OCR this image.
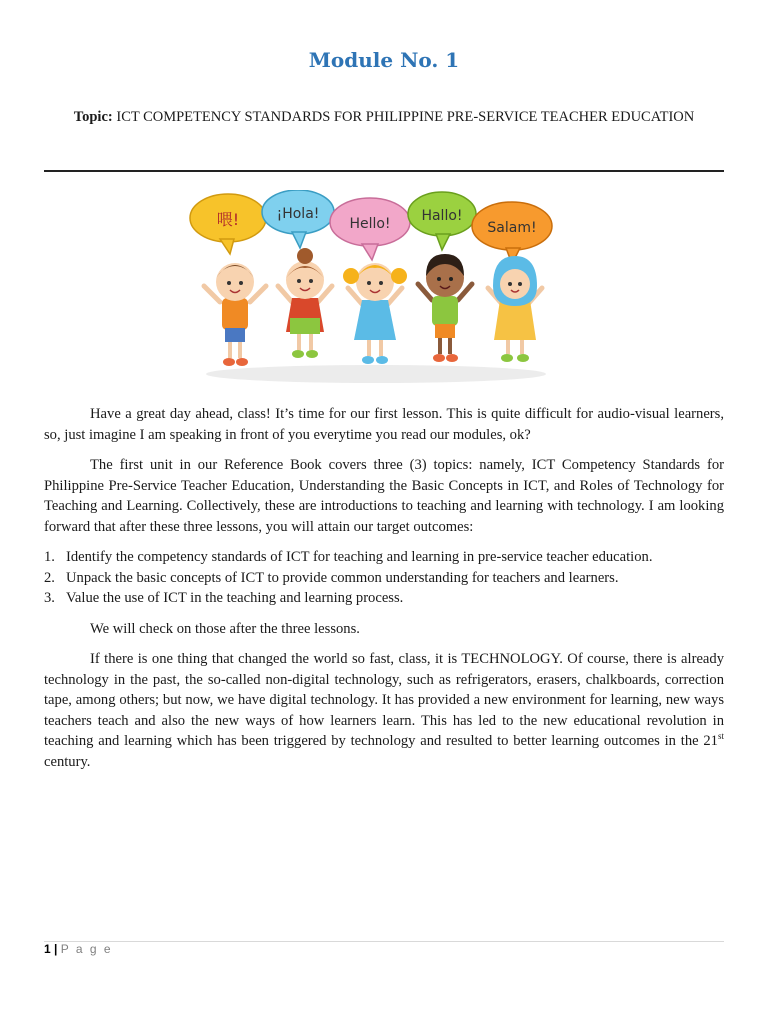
Module No. 1
Topic: ICT COMPETENCY STANDARDS FOR PHILIPPINE PRE-SERVICE TEACHER EDUCATION
喂!	¡Hola!
Hello! Hallo!
Salam!

Have a great day ahead, class! It’s time for our first lesson. This is quite difficult for audio-visual learners, so, just imagine I am speaking in front of you everytime you read our modules, ok?

The first unit in our Reference Book covers three (3) topics: namely, ICT Competency Standards for Philippine Pre-Service Teacher Education, Understanding the Basic Concepts in ICT, and Roles of Technology for Teaching and Learning. Collectively, these are introductions to teaching and learning with technology. I am looking forward that after these three lessons, you will attain our target outcomes:

1. Identify the competency standards of ICT for teaching and learning in pre-service teacher education.
2. Unpack the basic concepts of ICT to provide common understanding for teachers and learners.
3. Value the use of ICT in the teaching and learning process.

We will check on those after the three lessons.

If there is one thing that changed the world so fast, class, it is TECHNOLOGY. Of course, there is already technology in the past, the so-called non-digital technology, such as refrigerators, erasers, chalkboards, correction tape, among others; but now, we have digital technology. It has provided a new environment for learning, new ways teachers teach and also the new ways of how learners learn. This has led to the new educational revolution in teaching and learning which has been triggered by technology and resulted to better learning outcomes in the 21st century.

1 | P a g e
